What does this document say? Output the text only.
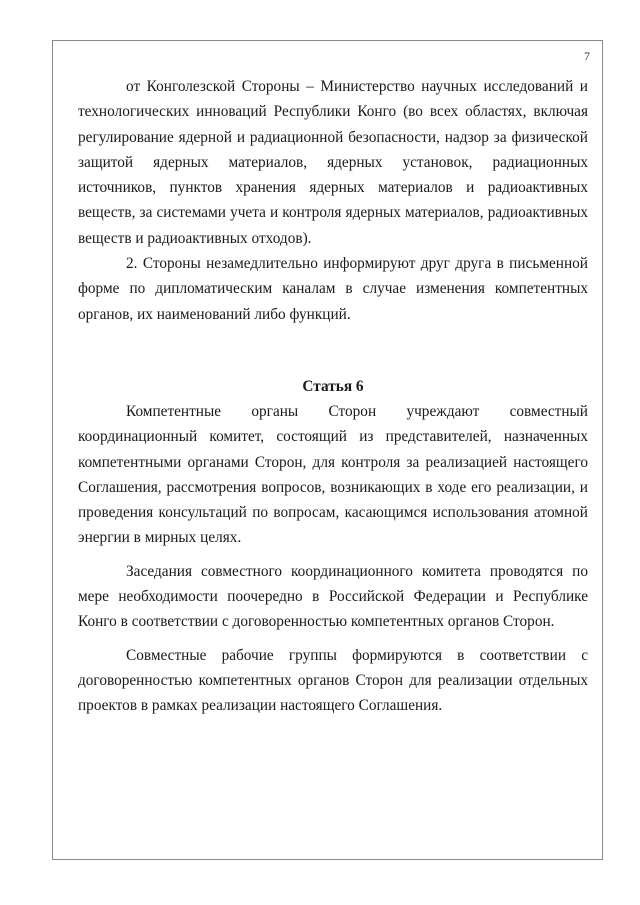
7

от Конголезской Стороны – Министерство научных исследований и технологических инноваций Республики Конго (во всех областях, включая регулирование ядерной и радиационной безопасности, надзор за физической защитой ядерных материалов, ядерных установок, радиационных источников, пунктов хранения ядерных материалов и радиоактивных веществ, за системами учета и контроля ядерных материалов, радиоактивных веществ и радиоактивных отходов).

2. Стороны незамедлительно информируют друг друга в письменной форме по дипломатическим каналам в случае изменения компетентных органов, их наименований либо функций.

Статья 6

Компетентные органы Сторон учреждают совместный координационный комитет, состоящий из представителей, назначенных компетентными органами Сторон, для контроля за реализацией настоящего Соглашения, рассмотрения вопросов, возникающих в ходе его реализации, и проведения консультаций по вопросам, касающимся использования атомной энергии в мирных целях.

Заседания совместного координационного комитета проводятся по мере необходимости поочередно в Российской Федерации и Республике Конго в соответствии с договоренностью компетентных органов Сторон.

Совместные рабочие группы формируются в соответствии с договоренностью компетентных органов Сторон для реализации отдельных проектов в рамках реализации настоящего Соглашения.
